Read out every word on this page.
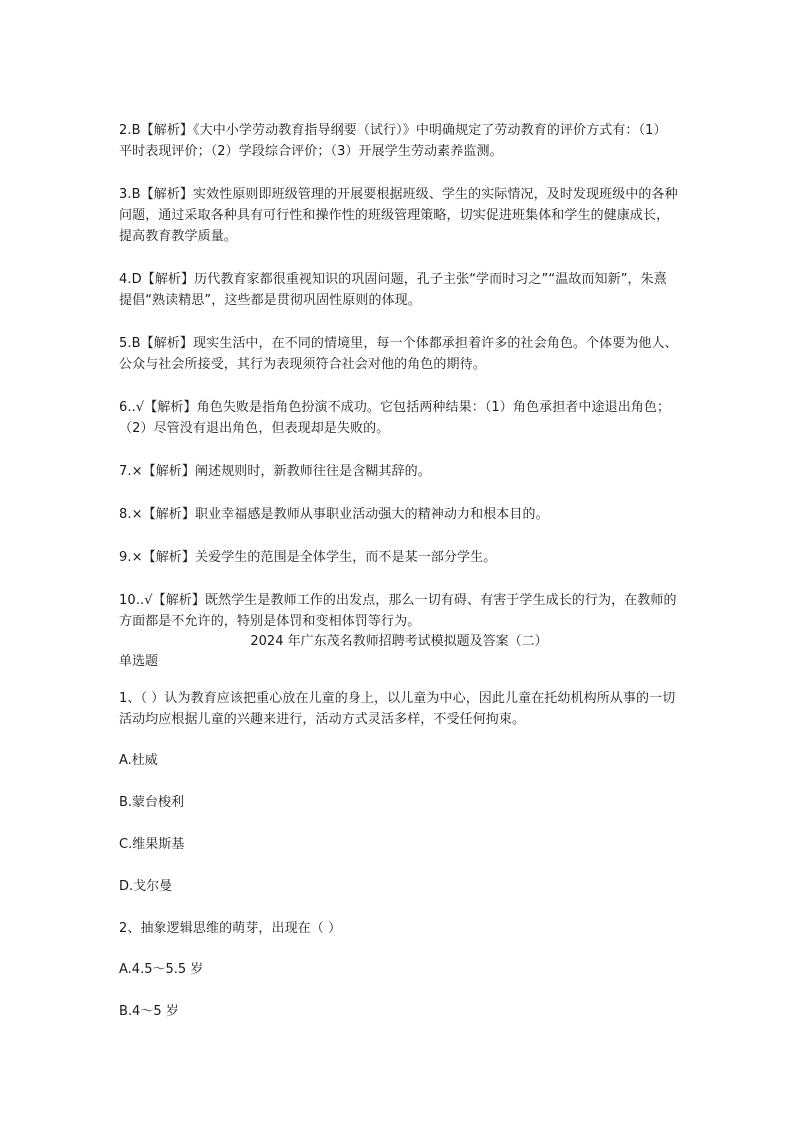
2.B【解析】《大中小学劳动教育指导纲要（试行）》中明确规定了劳动教育的评价方式有：（1）平时表现评价；（2）学段综合评价；（3）开展学生劳动素养监测。

3.B【解析】实效性原则即班级管理的开展要根据班级、学生的实际情况，及时发现班级中的各种问题，通过采取各种具有可行性和操作性的班级管理策略，切实促进班集体和学生的健康成长，提高教育教学质量。

4.D【解析】历代教育家都很重视知识的巩固问题，孔子主张“学而时习之”“温故而知新”，朱熹提倡“熟读精思”，这些都是贯彻巩固性原则的体现。

5.B【解析】现实生活中，在不同的情境里，每一个体都承担着许多的社会角色。个体要为他人、公众与社会所接受，其行为表现须符合社会对他的角色的期待。

6..√【解析】角色失败是指角色扮演不成功。它包括两种结果：（1）角色承担者中途退出角色；（2）尽管没有退出角色，但表现却是失败的。

7.×【解析】阐述规则时，新教师往往是含糊其辞的。

8.×【解析】职业幸福感是教师从事职业活动强大的精神动力和根本目的。

9.×【解析】关爱学生的范围是全体学生，而不是某一部分学生。

10..√【解析】既然学生是教师工作的出发点，那么一切有碍、有害于学生成长的行为，在教师的方面都是不允许的，特别是体罚和变相体罚等行为。

2024 年广东茂名教师招聘考试模拟题及答案（二）

单选题

1、（ ）认为教育应该把重心放在儿童的身上，以儿童为中心，因此儿童在托幼机构所从事的一切活动均应根据儿童的兴趣来进行，活动方式灵活多样，不受任何拘束。

A.杜威

B.蒙台梭利

C.维果斯基

D.戈尔曼

2、抽象逻辑思维的萌芽，出现在（ ）

A.4.5～5.5 岁

B.4～5 岁
